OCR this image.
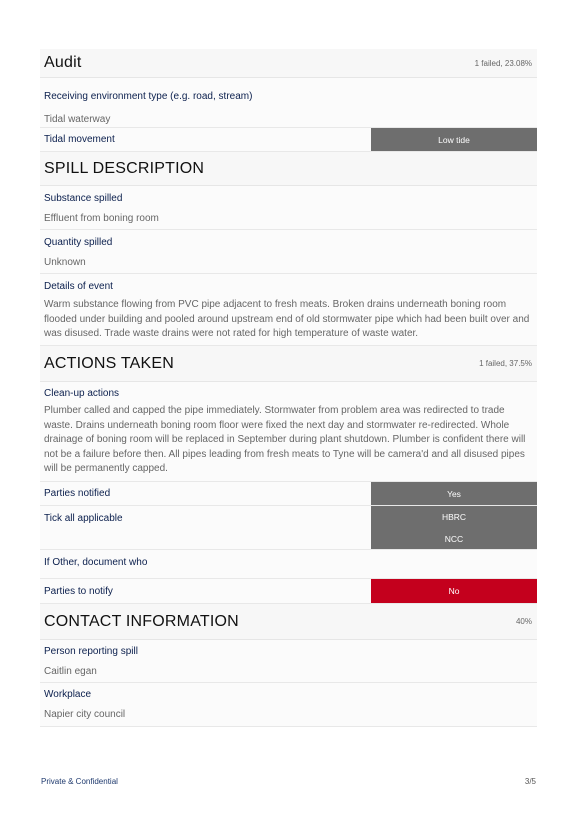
Audit	1 failed, 23.08%
Receiving environment type (e.g. road, stream)
Tidal waterway
Tidal movement	Low tide
SPILL DESCRIPTION
Substance spilled
Effluent from boning room
Quantity spilled
Unknown
Details of event
Warm substance flowing from PVC pipe adjacent to fresh meats. Broken drains underneath boning room flooded under building and pooled around upstream end of old stormwater pipe which had been built over and was disused. Trade waste drains were not rated for high temperature of waste water.
ACTIONS TAKEN	1 failed, 37.5%
Clean-up actions
Plumber called and capped the pipe immediately. Stormwater from problem area was redirected to trade waste. Drains underneath boning room floor were fixed the next day and stormwater re-redirected. Whole drainage of boning room will be replaced in September during plant shutdown. Plumber is confident there will not be a failure before then. All pipes leading from fresh meats to Tyne will be camera'd and all disused pipes will be permanently capped.
Parties notified	Yes
Tick all applicable	HBRC
NCC
If Other, document who
Parties to notify	No
CONTACT INFORMATION	40%
Person reporting spill
Caitlin egan
Workplace
Napier city council
Private & Confidential	3/5
